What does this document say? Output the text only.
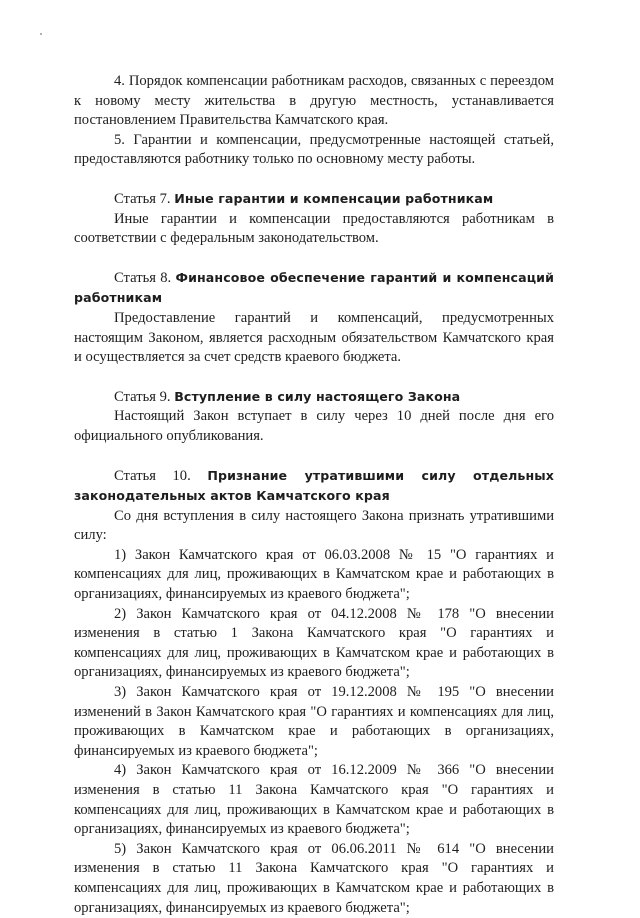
4. Порядок компенсации работникам расходов, связанных с переездом к новому месту жительства в другую местность, устанавливается постановлением Правительства Камчатского края.

5. Гарантии и компенсации, предусмотренные настоящей статьей, предоставляются работнику только по основному месту работы.

Статья 7. Иные гарантии и компенсации работникам

Иные гарантии и компенсации предоставляются работникам в соответствии с федеральным законодательством.

Статья 8. Финансовое обеспечение гарантий и компенсаций работникам

Предоставление гарантий и компенсаций, предусмотренных настоящим Законом, является расходным обязательством Камчатского края и осуществляется за счет средств краевого бюджета.

Статья 9. Вступление в силу настоящего Закона

Настоящий Закон вступает в силу через 10 дней после дня его официального опубликования.

Статья 10. Признание утратившими силу отдельных законодательных актов Камчатского края

Со дня вступления в силу настоящего Закона признать утратившими силу:

1) Закон Камчатского края от 06.03.2008 № 15 "О гарантиях и компенсациях для лиц, проживающих в Камчатском крае и работающих в организациях, финансируемых из краевого бюджета";

2) Закон Камчатского края от 04.12.2008 № 178 "О внесении изменения в статью 1 Закона Камчатского края "О гарантиях и компенсациях для лиц, проживающих в Камчатском крае и работающих в организациях, финансируемых из краевого бюджета";

3) Закон Камчатского края от 19.12.2008 № 195 "О внесении изменений в Закон Камчатского края "О гарантиях и компенсациях для лиц, проживающих в Камчатском крае и работающих в организациях, финансируемых из краевого бюджета";

4) Закон Камчатского края от 16.12.2009 № 366 "О внесении изменения в статью 11 Закона Камчатского края "О гарантиях и компенсациях для лиц, проживающих в Камчатском крае и работающих в организациях, финансируемых из краевого бюджета";

5) Закон Камчатского края от 06.06.2011 № 614 "О внесении изменения в статью 11 Закона Камчатского края "О гарантиях и компенсациях для лиц, проживающих в Камчатском крае и работающих в организациях, финансируемых из краевого бюджета";
